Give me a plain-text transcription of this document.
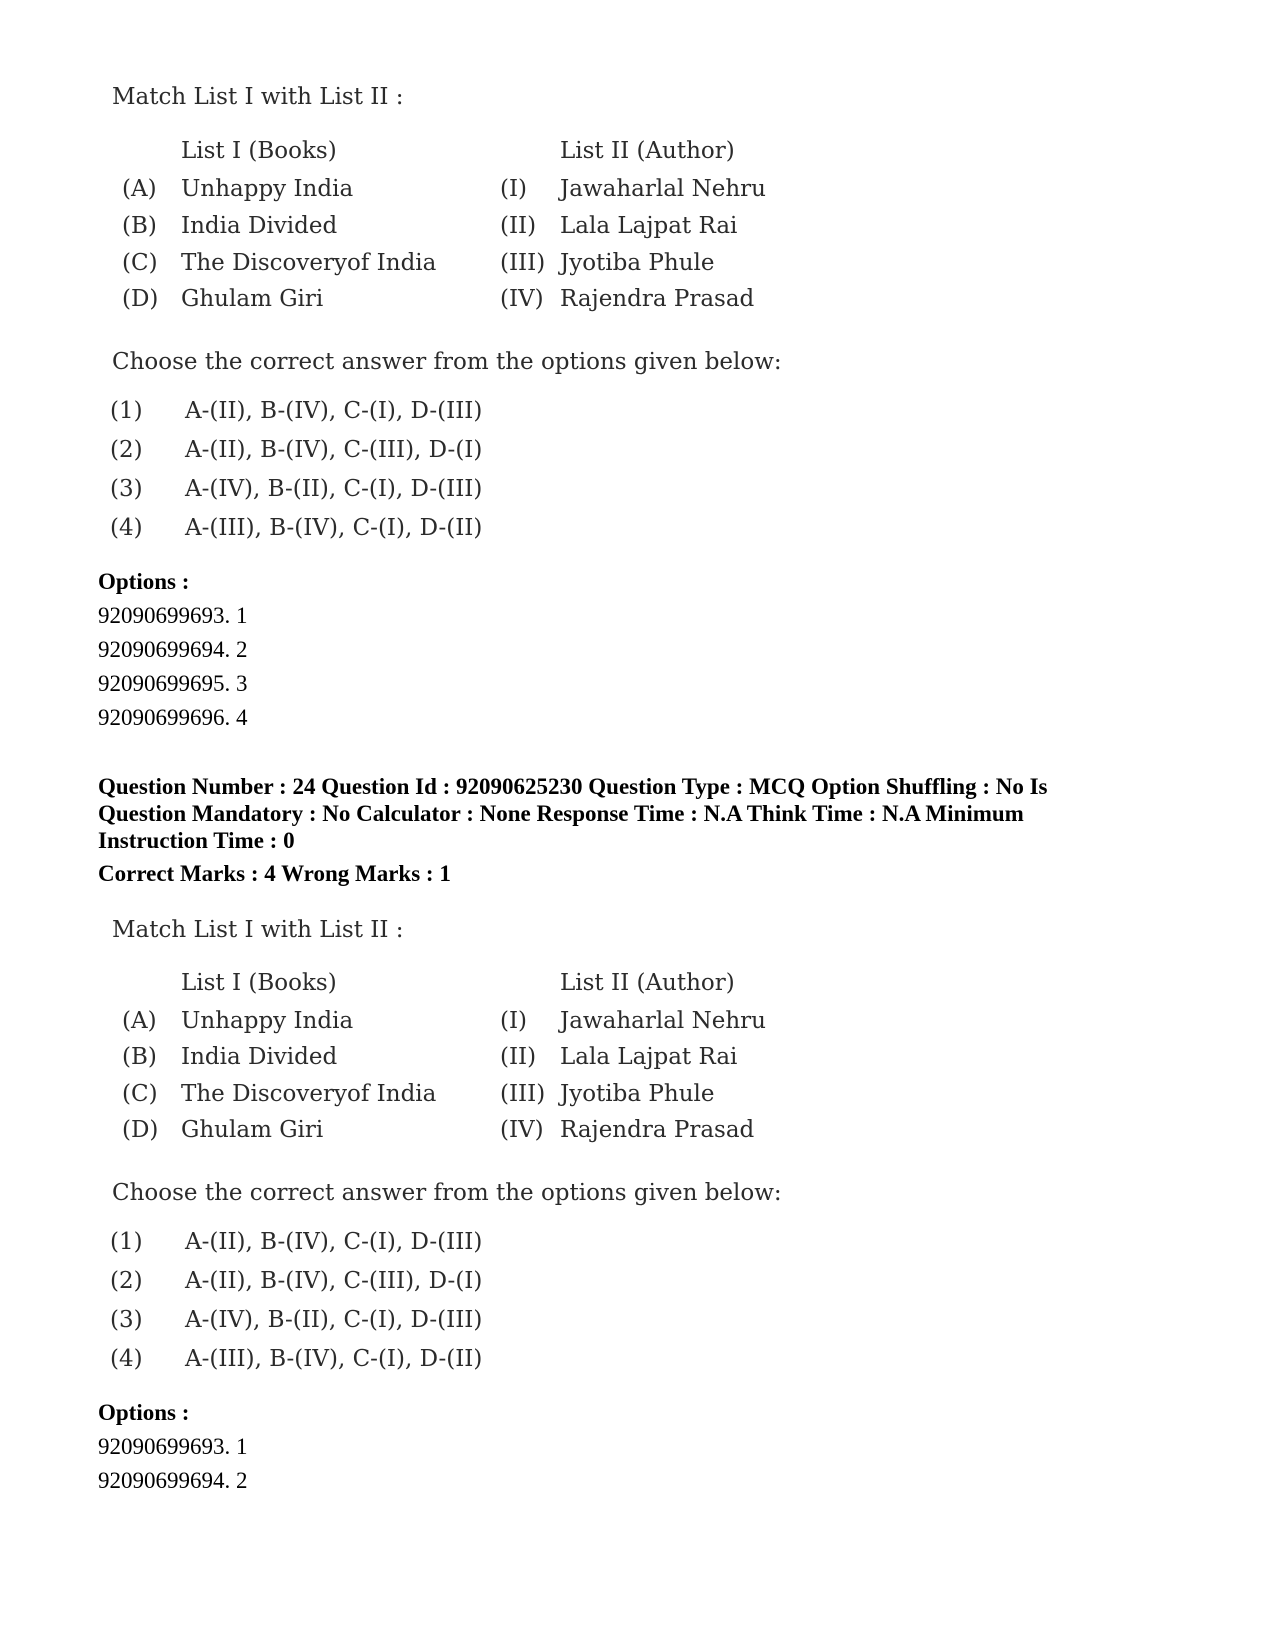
Match List I with List II :
List I (Books)	List II (Author)
(A) Unhappy India	(I) Jawaharlal Nehru
(B) India Divided	(II) Lala Lajpat Rai
(C) The Discoveryof India	(III) Jyotiba Phule
(D) Ghulam Giri	(IV) Rajendra Prasad
Choose the correct answer from the options given below:
(1) A-(II), B-(IV), C-(I), D-(III)
(2) A-(II), B-(IV), C-(III), D-(I)
(3) A-(IV), B-(II), C-(I), D-(III)
(4) A-(III), B-(IV), C-(I), D-(II)
Options :
92090699693. 1
92090699694. 2
92090699695. 3
92090699696. 4
Question Number : 24 Question Id : 92090625230 Question Type : MCQ Option Shuffling : No Is
Question Mandatory : No Calculator : None Response Time : N.A Think Time : N.A Minimum
Instruction Time : 0
Correct Marks : 4 Wrong Marks : 1
Match List I with List II :
List I (Books)	List II (Author)
(A) Unhappy India	(I) Jawaharlal Nehru
(B) India Divided	(II) Lala Lajpat Rai
(C) The Discoveryof India	(III) Jyotiba Phule
(D) Ghulam Giri	(IV) Rajendra Prasad
Choose the correct answer from the options given below:
(1) A-(II), B-(IV), C-(I), D-(III)
(2) A-(II), B-(IV), C-(III), D-(I)
(3) A-(IV), B-(II), C-(I), D-(III)
(4) A-(III), B-(IV), C-(I), D-(II)
Options :
92090699693. 1
92090699694. 2
